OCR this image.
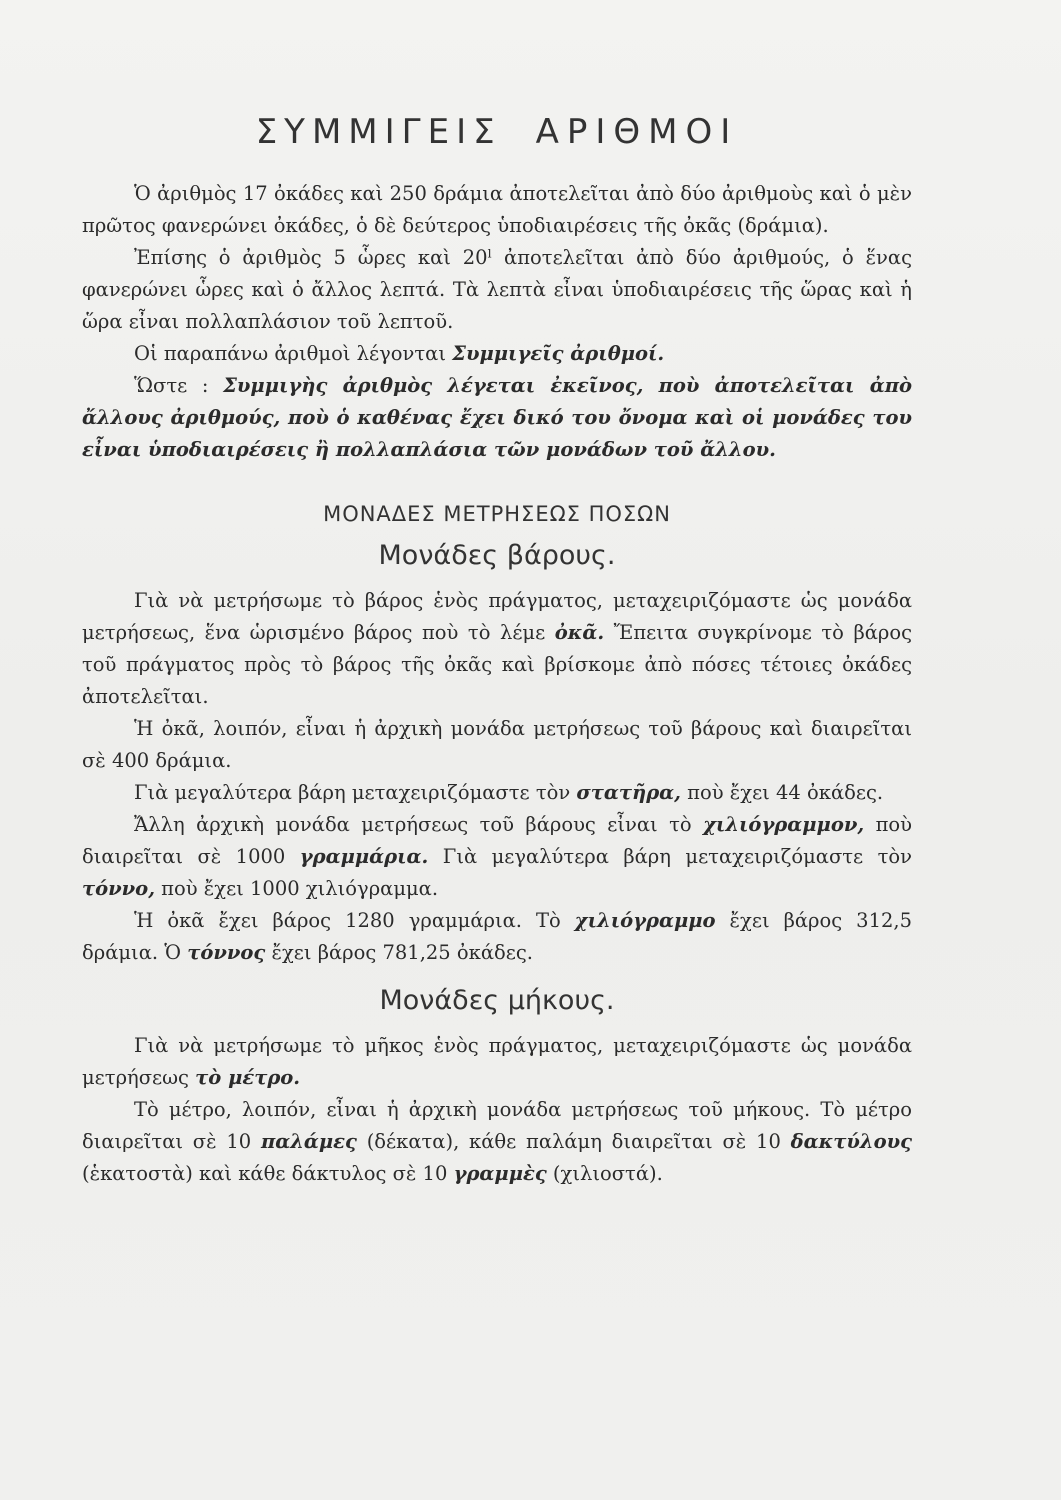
ΣΥΜΜΙΓΕΙΣ ΑΡΙΘΜΟΙ

Ὁ ἀριθμὸς 17 ὀκάδες καὶ 250 δράμια ἀποτελεῖται ἀπὸ δύο ἀριθμοὺς καὶ ὁ μὲν πρῶτος φανερώνει ὀκάδες, ὁ δὲ δεύτερος ὑποδιαιρέσεις τῆς ὀκᾶς (δράμια).

Ἐπίσης ὁ ἀριθμὸς 5 ὧρες καὶ 20ˡ ἀποτελεῖται ἀπὸ δύο ἀριθμούς, ὁ ἕνας φανερώνει ὧρες καὶ ὁ ἄλλος λεπτά. Τὰ λεπτὰ εἶναι ὑποδιαιρέσεις τῆς ὥρας καὶ ἡ ὥρα εἶναι πολλαπλάσιον τοῦ λεπτοῦ.

Οἱ παραπάνω ἀριθμοὶ λέγονται Συμμιγεῖς ἀριθμοί.

Ὥστε : Συμμιγὴς ἀριθμὸς λέγεται ἐκεῖνος, ποὺ ἀποτελεῖται ἀπὸ ἄλλους ἀριθμούς, ποὺ ὁ καθένας ἔχει δικό του ὄνομα καὶ οἱ μονάδες του εἶναι ὑποδιαιρέσεις ἢ πολλαπλάσια τῶν μονάδων τοῦ ἄλλου.

ΜΟΝΑΔΕΣ ΜΕΤΡΗΣΕΩΣ ΠΟΣΩΝ
Μονάδες βάρους.

Γιὰ νὰ μετρήσωμε τὸ βάρος ἑνὸς πράγματος, μεταχειριζόμαστε ὡς μονάδα μετρήσεως, ἕνα ὡρισμένο βάρος ποὺ τὸ λέμε ὀκᾶ. Ἔπειτα συγκρίνομε τὸ βάρος τοῦ πράγματος πρὸς τὸ βάρος τῆς ὀκᾶς καὶ βρίσκομε ἀπὸ πόσες τέτοιες ὀκάδες ἀποτελεῖται.

Ἡ ὀκᾶ, λοιπόν, εἶναι ἡ ἀρχικὴ μονάδα μετρήσεως τοῦ βάρους καὶ διαιρεῖται σὲ 400 δράμια.

Γιὰ μεγαλύτερα βάρη μεταχειριζόμαστε τὸν στατῆρα, ποὺ ἔχει 44 ὀκάδες.

Ἄλλη ἀρχικὴ μονάδα μετρήσεως τοῦ βάρους εἶναι τὸ χιλιόγραμμον, ποὺ διαιρεῖται σὲ 1000 γραμμάρια. Γιὰ μεγαλύτερα βάρη μεταχειριζόμαστε τὸν τόννο, ποὺ ἔχει 1000 χιλιόγραμμα.

Ἡ ὀκᾶ ἔχει βάρος 1280 γραμμάρια. Τὸ χιλιόγραμμο ἔχει βάρος 312,5 δράμια. Ὁ τόννος ἔχει βάρος 781,25 ὀκάδες.

Μονάδες μήκους.

Γιὰ νὰ μετρήσωμε τὸ μῆκος ἑνὸς πράγματος, μεταχειριζόμαστε ὡς μονάδα μετρήσεως τὸ μέτρο.

Τὸ μέτρο, λοιπόν, εἶναι ἡ ἀρχικὴ μονάδα μετρήσεως τοῦ μήκους. Τὸ μέτρο διαιρεῖται σὲ 10 παλάμες (δέκατα), κάθε παλάμη διαιρεῖται σὲ 10 δακτύλους (ἑκατοστὰ) καὶ κάθε δάκτυλος σὲ 10 γραμμὲς (χιλιοστά).
